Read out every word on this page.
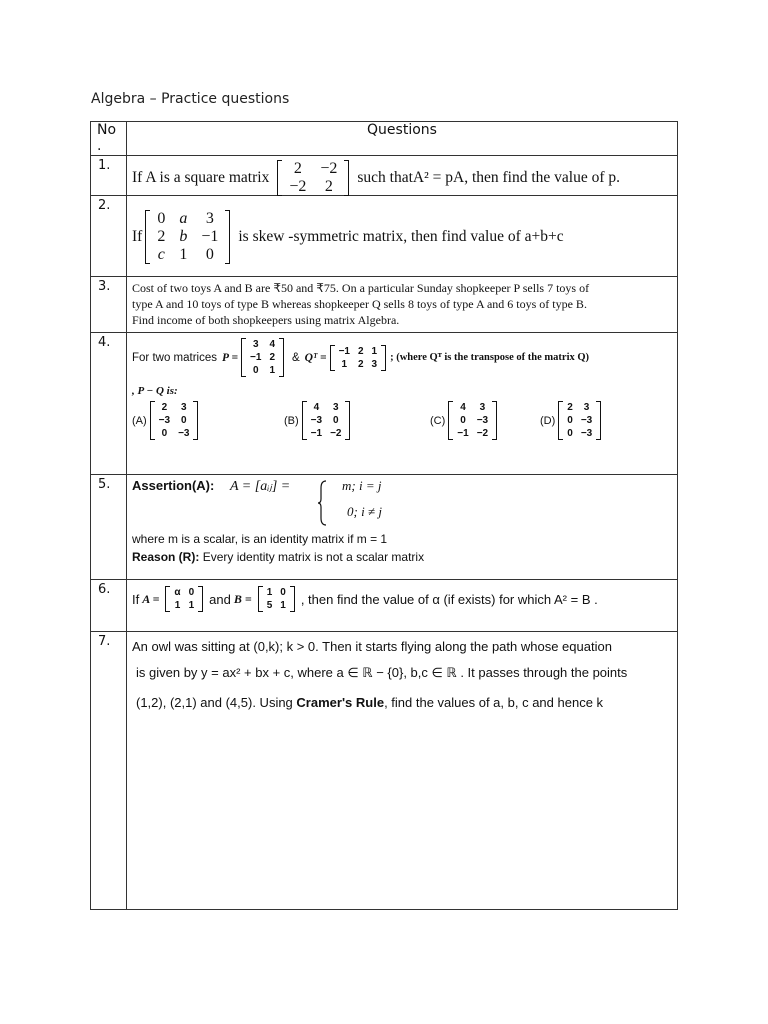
Algebra – Practice questions
No .
Questions
1.
If A is a square matrix
2	−2
−2	2
such thatA² = pA, then find the value of p.
2.
If
0	a	3
2	b	−1
c	1	0
is skew -symmetric matrix, then find value of a+b+c
3. Cost of two toys A and B are ₹50 and ₹75. On a particular Sunday shopkeeper P sells 7 toys of
type A and 10 toys of type B whereas shopkeeper Q sells 8 toys of type A and 6 toys of type B.
Find income of both shopkeepers using matrix Algebra.
4.
For two matrices P =
3	4
−1	2
0	1
& Qᵀ =
−1	2	1
1	2	3
; (where Qᵀ is the transpose of the matrix Q)
, P − Q is:
(A)
2	3
−3	0
0	−3
(B)
4	3
−3	0
−1	−2
(C)
4	3
0	−3
−1	−2
(D)
2	3
0	−3
0	−3
5. Assertion(A): A = [aᵢⱼ] =	m; i = j
0; i ≠ j
where m is a scalar, is an identity matrix if m = 1
Reason (R): Every identity matrix is not a scalar matrix
6.
If A = α	0
1	1 and B = 1	0
5	1 , then find the value of α (if exists) for which A² = B .
7. An owl was sitting at (0,k); k > 0. Then it starts flying along the path whose equation
is given by y = ax² + bx + c, where a ∈ ℝ − {0}, b,c ∈ ℝ . It passes through the points
(1,2), (2,1) and (4,5). Using Cramer's Rule, find the values of a, b, c and hence k
